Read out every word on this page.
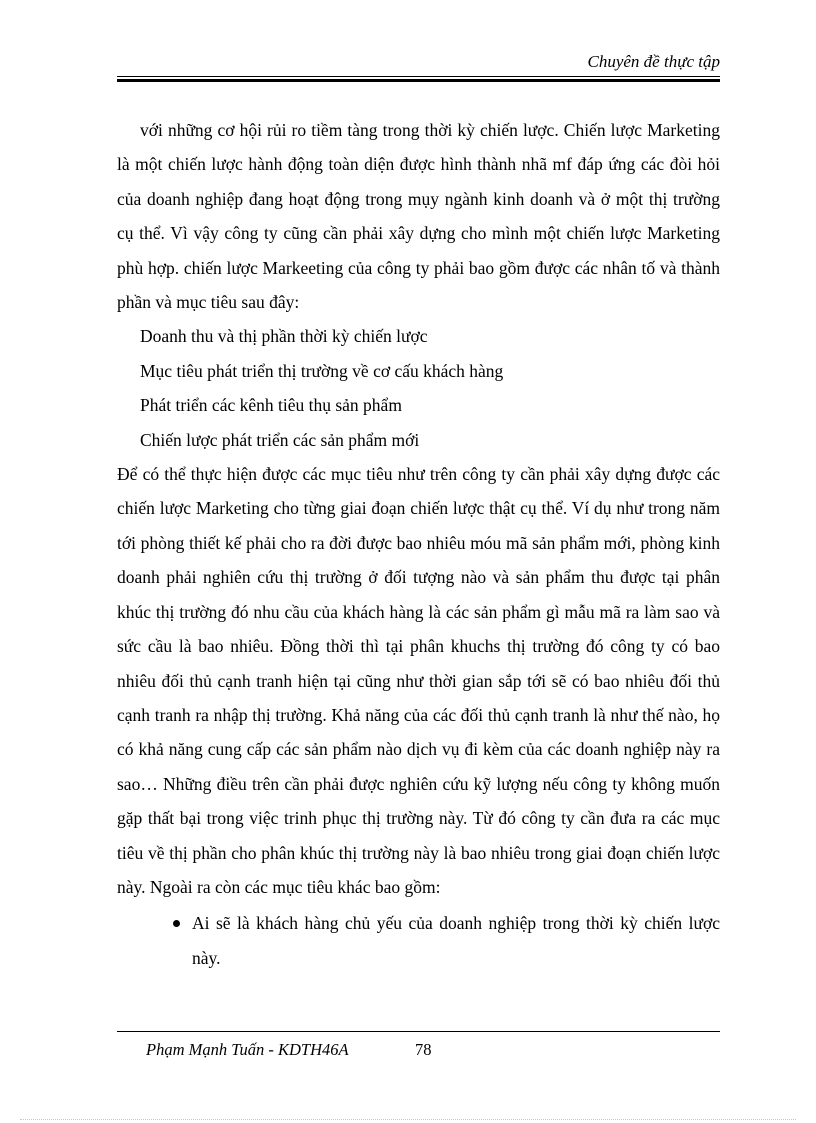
Chuyên đề thực tập

với những cơ hội rủi ro tiềm tàng trong thời kỳ chiến lược. Chiến lược Marketing là một chiến lược hành động toàn diện được hình thành nhã mf đáp ứng các đòi hỏi của doanh nghiệp đang hoạt động trong mụy ngành kinh doanh và ở một thị trường cụ thể. Vì vậy công ty cũng cần phải xây dựng cho mình một chiến lược Marketing phù hợp. chiến lược Markeeting của công ty phải bao gồm được các nhân tố và thành phần và mục tiêu sau đây:

Doanh thu và thị phần thời kỳ chiến lược

Mục tiêu phát triển thị trường về cơ cấu khách hàng

Phát triển các kênh tiêu thụ sản phẩm

Chiến lược phát triển các sản phẩm mới

Để có thể thực hiện được các mục tiêu như trên công ty cần phải xây dựng được các chiến lược Marketing cho từng giai đoạn chiến lược thật cụ thể. Ví dụ như trong năm tới phòng thiết kế phải cho ra đời được bao nhiêu móu mã sản phẩm mới, phòng kinh doanh phải nghiên cứu thị trường ở đối tượng nào và sản phẩm thu được tại phân khúc thị trường đó nhu cầu của khách hàng là các sản phẩm gì mẫu mã ra làm sao và sức cầu là bao nhiêu. Đồng thời thì tại phân khuchs thị trường đó công ty có bao nhiêu đối thủ cạnh tranh hiện tại cũng như thời gian sắp tới sẽ có bao nhiêu đối thủ cạnh tranh ra nhập thị trường. Khả năng của các đối thủ cạnh tranh là như thế nào, họ có khả năng cung cấp các sản phẩm nào dịch vụ đi kèm của các doanh nghiệp này ra sao… Những điều trên cần phải được nghiên cứu kỹ lượng nếu công ty không muốn gặp thất bại trong việc trinh phục thị trường này. Từ đó công ty cần đưa ra các mục tiêu về thị phần cho phân khúc thị trường này là bao nhiêu trong giai đoạn chiến lược này. Ngoài ra còn các mục tiêu khác bao gồm:

Ai sẽ là khách hàng chủ yếu của doanh nghiệp trong thời kỳ chiến lược này.
Phạm Mạnh Tuấn - KDTH46A	78
